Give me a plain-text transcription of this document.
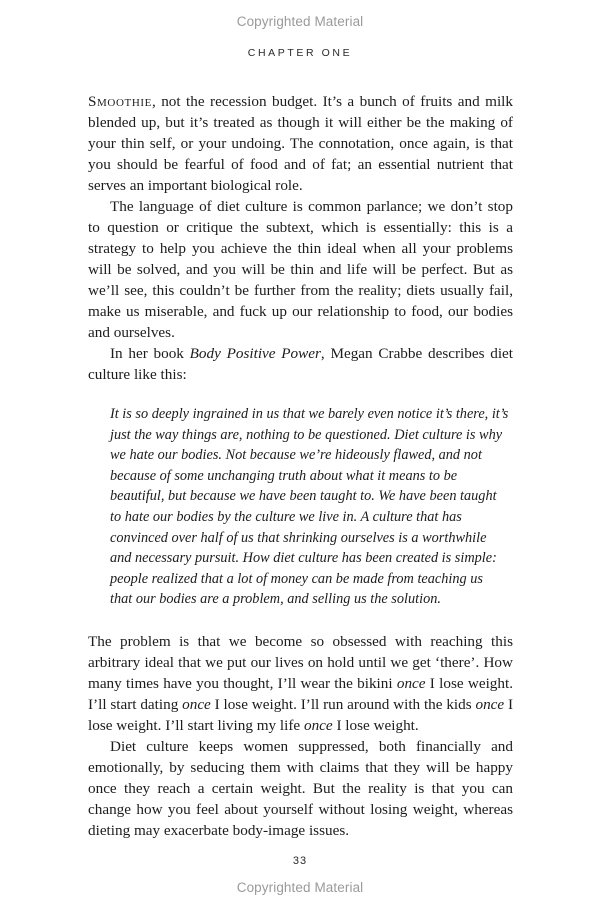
Copyrighted Material
CHAPTER ONE

Smoothie, not the recession budget. It’s a bunch of fruits and milk blended up, but it’s treated as though it will either be the making of your thin self, or your undoing. The connotation, once again, is that you should be fearful of food and of fat; an essential nutrient that serves an important biological role.

The language of diet culture is common parlance; we don’t stop to question or critique the subtext, which is essentially: this is a strategy to help you achieve the thin ideal when all your problems will be solved, and you will be thin and life will be perfect. But as we’ll see, this couldn’t be further from the reality; diets usually fail, make us miserable, and fuck up our relationship to food, our bodies and ourselves.

In her book Body Positive Power, Megan Crabbe describes diet culture like this:

It is so deeply ingrained in us that we barely even notice it’s there, it’s
just the way things are, nothing to be questioned. Diet culture is why
we hate our bodies. Not because we’re hideously flawed, and not
because of some unchanging truth about what it means to be
beautiful, but because we have been taught to. We have been taught
to hate our bodies by the culture we live in. A culture that has
convinced over half of us that shrinking ourselves is a worthwhile
and necessary pursuit. How diet culture has been created is simple:
people realized that a lot of money can be made from teaching us
that our bodies are a problem, and selling us the solution.

The problem is that we become so obsessed with reaching this arbitrary ideal that we put our lives on hold until we get ‘there’. How many times have you thought, I’ll wear the bikini once I lose weight. I’ll start dating once I lose weight. I’ll run around with the kids once I lose weight. I’ll start living my life once I lose weight.

Diet culture keeps women suppressed, both financially and emotionally, by seducing them with claims that they will be happy once they reach a certain weight. But the reality is that you can change how you feel about yourself without losing weight, whereas dieting may exacerbate body-image issues.

33
Copyrighted Material
